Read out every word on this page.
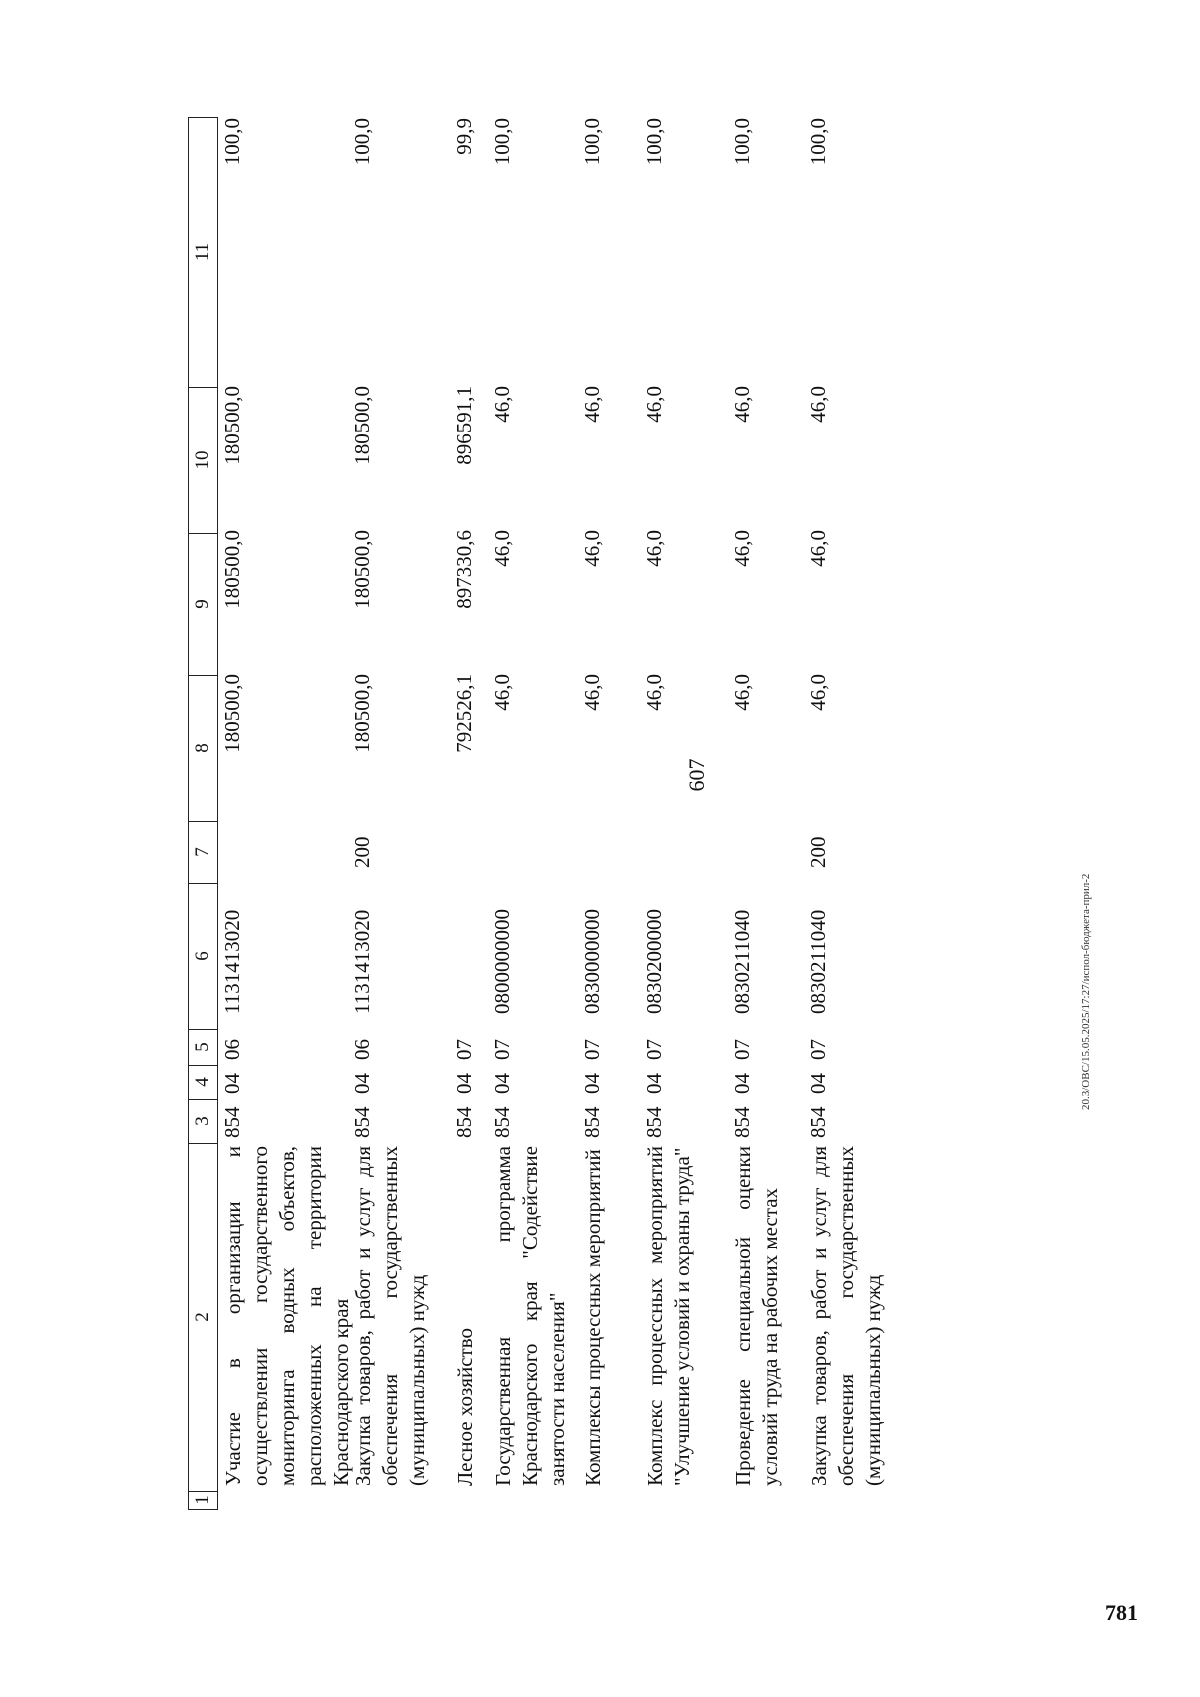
607
1
2
3
4
5
6
7
8
9
10
11
Участие в организации и осуществлении государственного мониторинга водных объектов, расположенных на территории Краснодарского края
854
04
06
1131413020
180500,0
180500,0
180500,0
100,0
Закупка товаров, работ и услуг для обеспечения государственных (муниципальных) нужд
854
04
06
1131413020
200
180500,0
180500,0
180500,0
100,0
Лесное хозяйство
854
04
07
792526,1
897330,6
896591,1
99,9
Государственная программа Краснодарского края "Содействие занятости населения"
854
04
07
0800000000
46,0
46,0
46,0
100,0
Комплексы процессных мероприятий
854
04
07
0830000000
46,0
46,0
46,0
100,0
Комплекс процессных мероприятий "Улучшение условий и охраны труда"
854
04
07
0830200000
46,0
46,0
46,0
100,0
Проведение специальной оценки условий труда на рабочих местах
854
04
07
0830211040
46,0
46,0
46,0
100,0
Закупка товаров, работ и услуг для обеспечения государственных (муниципальных) нужд
854
04
07
0830211040
200
46,0
46,0
46,0
100,0
20.3/ОВС/15.05.2025/17:27/испол-бюджета-прил-2
781
